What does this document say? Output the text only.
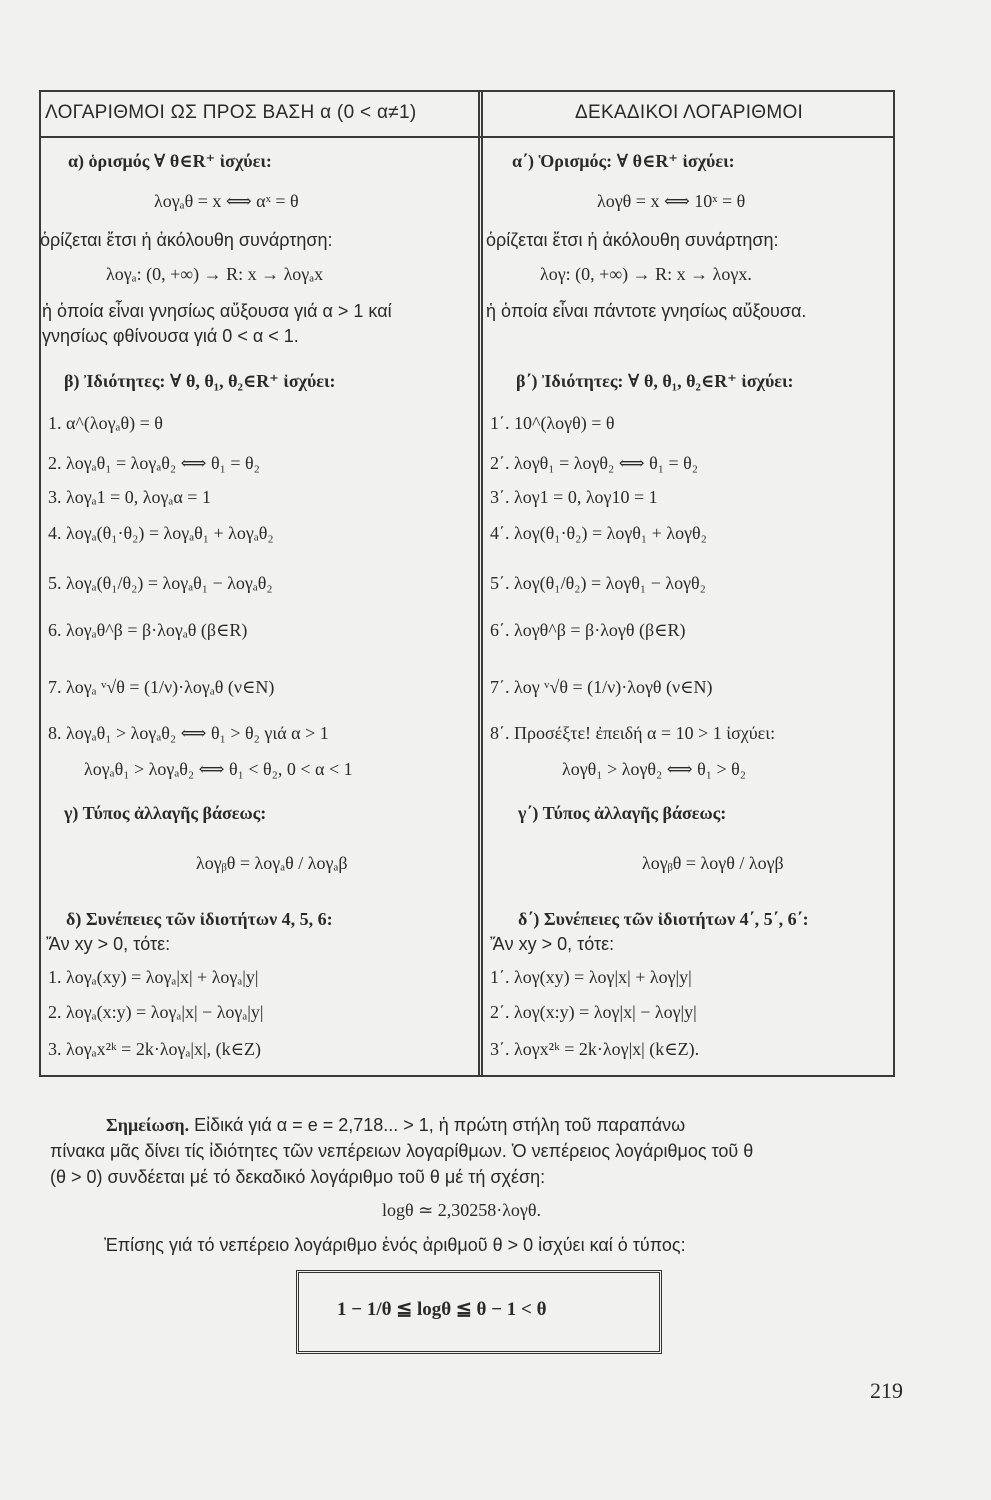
ΛΟΓΑΡΙΘΜΟΙ ΩΣ ΠΡΟΣ ΒΑΣΗ α (0 < α≠1)	ΔΕΚΑΔΙΚΟΙ ΛΟΓΑΡΙΘΜΟΙ
α) ὁρισμός ∀ θ∈R⁺ ἰσχύει:
λογₐθ = x ⟺ αˣ = θ
ὁρίζεται ἔτσι ἡ ἀκόλουθη συνάρτηση:
λογₐ: (0, +∞) → R: x → λογₐx
ἡ ὁποία εἶναι γνησίως αὔξουσα γιά α > 1 καί
γνησίως φθίνουσα γιά 0 < α < 1.
β) Ἰδιότητες: ∀ θ, θ₁, θ₂∈R⁺ ἰσχύει:
1. α^(λογₐθ) = θ
2. λογₐθ₁ = λογₐθ₂ ⟺ θ₁ = θ₂
3. λογₐ1 = 0, λογₐα = 1
4. λογₐ(θ₁·θ₂) = λογₐθ₁ + λογₐθ₂
5. λογₐ(θ₁/θ₂) = λογₐθ₁ − λογₐθ₂
6. λογₐθ^β = β·λογₐθ (β∈R)
7. λογₐ ᵛ√θ = (1/ν)·λογₐθ (ν∈N)
8. λογₐθ₁ > λογₐθ₂ ⟺ θ₁ > θ₂ γιά α > 1
λογₐθ₁ > λογₐθ₂ ⟺ θ₁ < θ₂, 0 < α < 1
γ) Τύπος ἀλλαγῆς βάσεως:
λογᵦθ = λογₐθ / λογₐβ
δ) Συνέπειες τῶν ἰδιοτήτων 4, 5, 6:
Ἄν xy > 0, τότε:
1. λογₐ(xy) = λογₐ|x| + λογₐ|y|
2. λογₐ(x:y) = λογₐ|x| − λογₐ|y|
3. λογₐx²ᵏ = 2k·λογₐ|x|, (k∈Z)
α΄) Ὁρισμός: ∀ θ∈R⁺ ἰσχύει:
λογθ = x ⟺ 10ˣ = θ
ὁρίζεται ἔτσι ἡ ἀκόλουθη συνάρτηση:
λογ: (0, +∞) → R: x → λογx.
ἡ ὁποία εἶναι πάντοτε γνησίως αὔξουσα.
β΄) Ἰδιότητες: ∀ θ, θ₁, θ₂∈R⁺ ἰσχύει:
1΄. 10^(λογθ) = θ
2΄. λογθ₁ = λογθ₂ ⟺ θ₁ = θ₂
3΄. λογ1 = 0, λογ10 = 1
4΄. λογ(θ₁·θ₂) = λογθ₁ + λογθ₂
5΄. λογ(θ₁/θ₂) = λογθ₁ − λογθ₂
6΄. λογθ^β = β·λογθ (β∈R)
7΄. λογ ᵛ√θ = (1/ν)·λογθ (ν∈N)
8΄. Προσέξτε! ἐπειδή α = 10 > 1 ἰσχύει:
λογθ₁ > λογθ₂ ⟺ θ₁ > θ₂
γ΄) Τύπος ἀλλαγῆς βάσεως:
λογᵦθ = λογθ / λογβ
δ΄) Συνέπειες τῶν ἰδιοτήτων 4΄, 5΄, 6΄:
Ἄν xy > 0, τότε:
1΄. λογ(xy) = λογ|x| + λογ|y|
2΄. λογ(x:y) = λογ|x| − λογ|y|
3΄. λογx²ᵏ = 2k·λογ|x| (k∈Z).
Σημείωση. Εἰδικά γιά α = e = 2,718... > 1, ἡ πρώτη στήλη τοῦ παραπάνω
πίνακα μᾶς δίνει τίς ἰδιότητες τῶν νεπέρειων λογαρίθμων. Ὁ νεπέρειος λογάριθμος τοῦ θ
(θ > 0) συνδέεται μέ τό δεκαδικό λογάριθμο τοῦ θ μέ τή σχέση:
logθ ≃ 2,30258·λογθ.
Ἐπίσης γιά τό νεπέρειο λογάριθμο ἑνός ἀριθμοῦ θ > 0 ἰσχύει καί ὁ τύπος:
1 − 1/θ ≦ logθ ≦ θ − 1 < θ
219
